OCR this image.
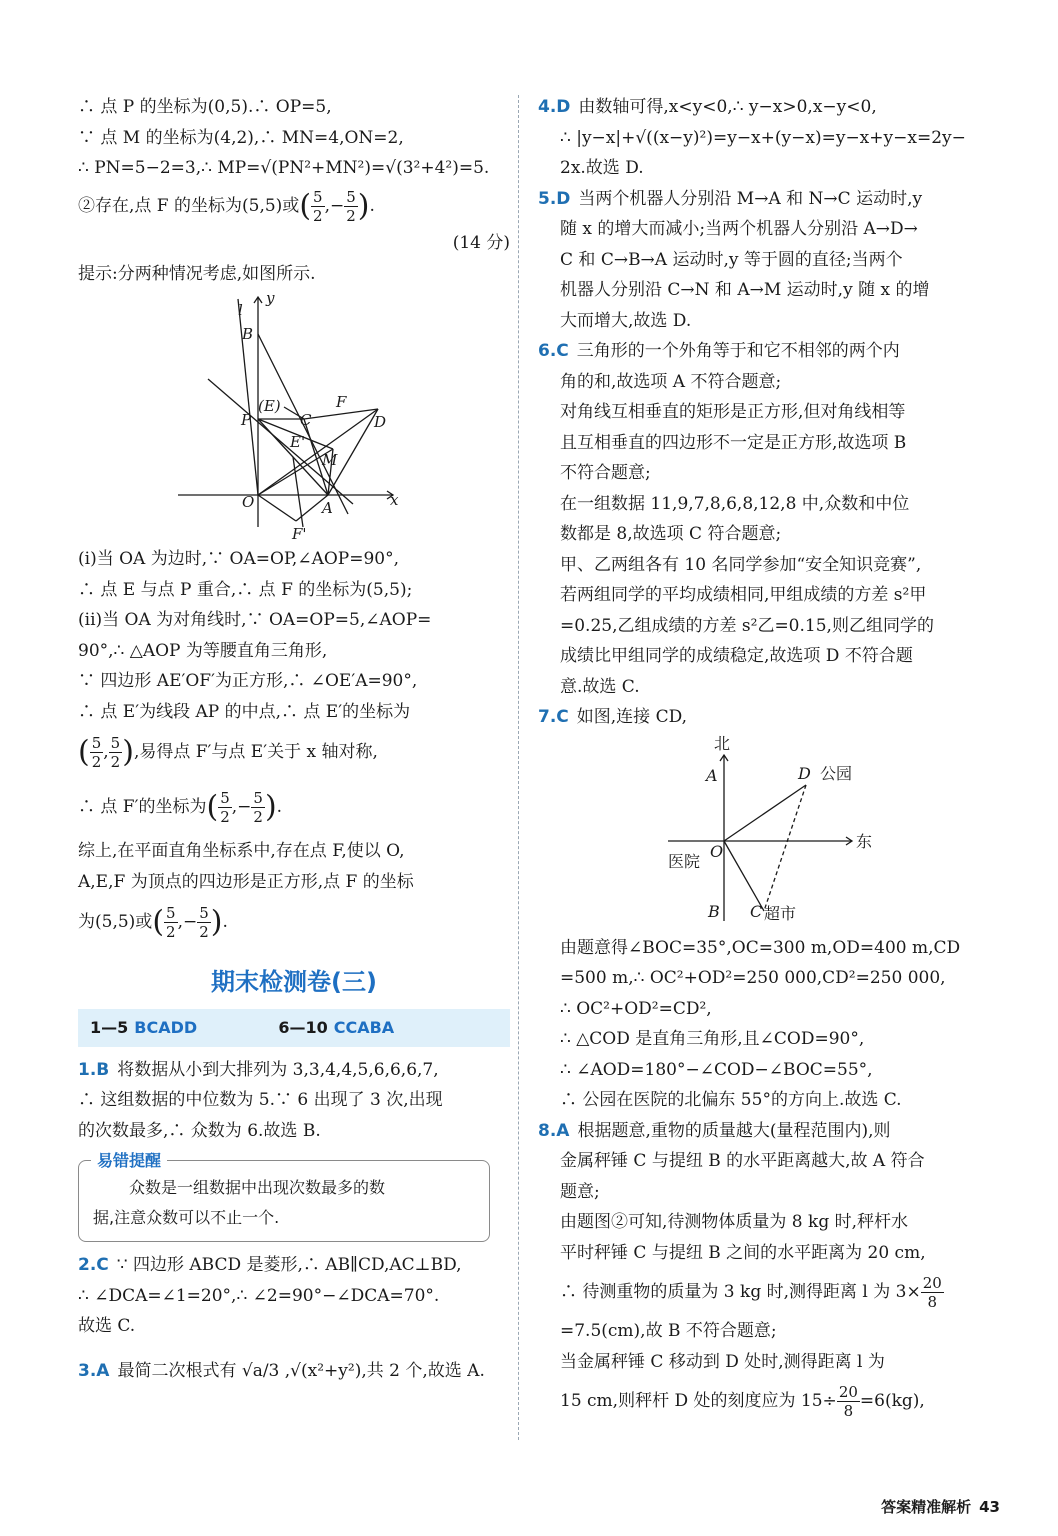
∴ 点 P 的坐标为(0,5).∴ OP=5,
∵ 点 M 的坐标为(4,2),∴ MN=4,ON=2,
∴ PN=5−2=3,∴ MP=√(PN²+MN²)=√(3²+4²)=5.
②存在,点 F 的坐标为(5,5)或( $\frac{5}{2}$ ,− $\frac{5}{2}$ ).
(14 分)
提示:分两种情况考虑,如图所示.
y
l
B
(E)
C
F
P	D
E'
M
O	A	x
F'
(i)当 OA 为边时,∵ OA=OP,∠AOP=90°,
∴ 点 E 与点 P 重合,∴ 点 F 的坐标为(5,5);
(ii)当 OA 为对角线时,∵ OA=OP=5,∠AOP=
90°,∴ △AOP 为等腰直角三角形,
∵ 四边形 AE′OF′为正方形,∴ ∠OE′A=90°,
∴ 点 E′为线段 AP 的中点,∴ 点 E′的坐标为
( $\frac{5}{2}$ , $\frac{5}{2}$ ),易得点 F′与点 E′关于 x 轴对称,
∴ 点 F′的坐标为( $\frac{5}{2}$ ,− $\frac{5}{2}$ ).
综上,在平面直角坐标系中,存在点 F,使以 O,
A,E,F 为顶点的四边形是正方形,点 F 的坐标
为(5,5)或( $\frac{5}{2}$ ,− $\frac{5}{2}$ ).
期末检测卷(三)
1—5 BCADD	6—10 CCABA
1.B 将数据从小到大排列为 3,3,4,4,5,6,6,6,7,
∴ 这组数据的中位数为 5.∵ 6 出现了 3 次,出现
的次数最多,∴ 众数为 6.故选 B.
易错提醒
众数是一组数据中出现次数最多的数
据,注意众数可以不止一个.
2.C ∵ 四边形 ABCD 是菱形,∴ AB∥CD,AC⊥BD,
∴ ∠DCA=∠1=20°,∴ ∠2=90°−∠DCA=70°.
故选 C.
3.A 最简二次根式有 √a/3 ,√(x²+y²),共 2 个,故选 A.
4.D 由数轴可得,x<y<0,∴ y−x>0,x−y<0,
∴ |y−x|+√((x−y)²)=y−x+(y−x)=y−x+y−x=2y−
2x.故选 D.
5.D 当两个机器人分别沿 M→A 和 N→C 运动时,y
随 x 的增大而减小;当两个机器人分别沿 A→D→
C 和 C→B→A 运动时,y 等于圆的直径;当两个
机器人分别沿 C→N 和 A→M 运动时,y 随 x 的增
大而增大,故选 D.
6.C 三角形的一个外角等于和它不相邻的两个内
角的和,故选项 A 不符合题意;
对角线互相垂直的矩形是正方形,但对角线相等
且互相垂直的四边形不一定是正方形,故选项 B
不符合题意;
在一组数据 11,9,7,8,6,8,12,8 中,众数和中位
数都是 8,故选项 C 符合题意;
甲、乙两组各有 10 名同学参加“安全知识竞赛”,
若两组同学的平均成绩相同,甲组成绩的方差 s²甲
=0.25,乙组成绩的方差 s²乙=0.15,则乙组同学的
成绩比甲组同学的成绩稳定,故选项 D 不符合题
意.故选 C.
7.C 如图,连接 CD,
北
A	D 公园
O
东
医院
B C 超市
由题意得∠BOC=35°,OC=300 m,OD=400 m,CD
=500 m,∴ OC²+OD²=250 000,CD²=250 000,
∴ OC²+OD²=CD²,
∴ △COD 是直角三角形,且∠COD=90°,
∴ ∠AOD=180°−∠COD−∠BOC=55°,
∴ 公园在医院的北偏东 55°的方向上.故选 C.
8.A 根据题意,重物的质量越大(量程范围内),则
金属秤锤 C 与提纽 B 的水平距离越大,故 A 符合
题意;
由题图②可知,待测物体质量为 8 kg 时,秤杆水
平时秤锤 C 与提纽 B 之间的水平距离为 20 cm,
∴ 待测重物的质量为 3 kg 时,测得距离 l 为 $3\times \frac{20}{8}$
=7.5(cm),故 B 不符合题意;
当金属秤锤 C 移动到 D 处时,测得距离 l 为
15 cm,则秤杆 D 处的刻度应为 $15\div \frac{20}{8} =6(kg)$,
答案精准解析 43
